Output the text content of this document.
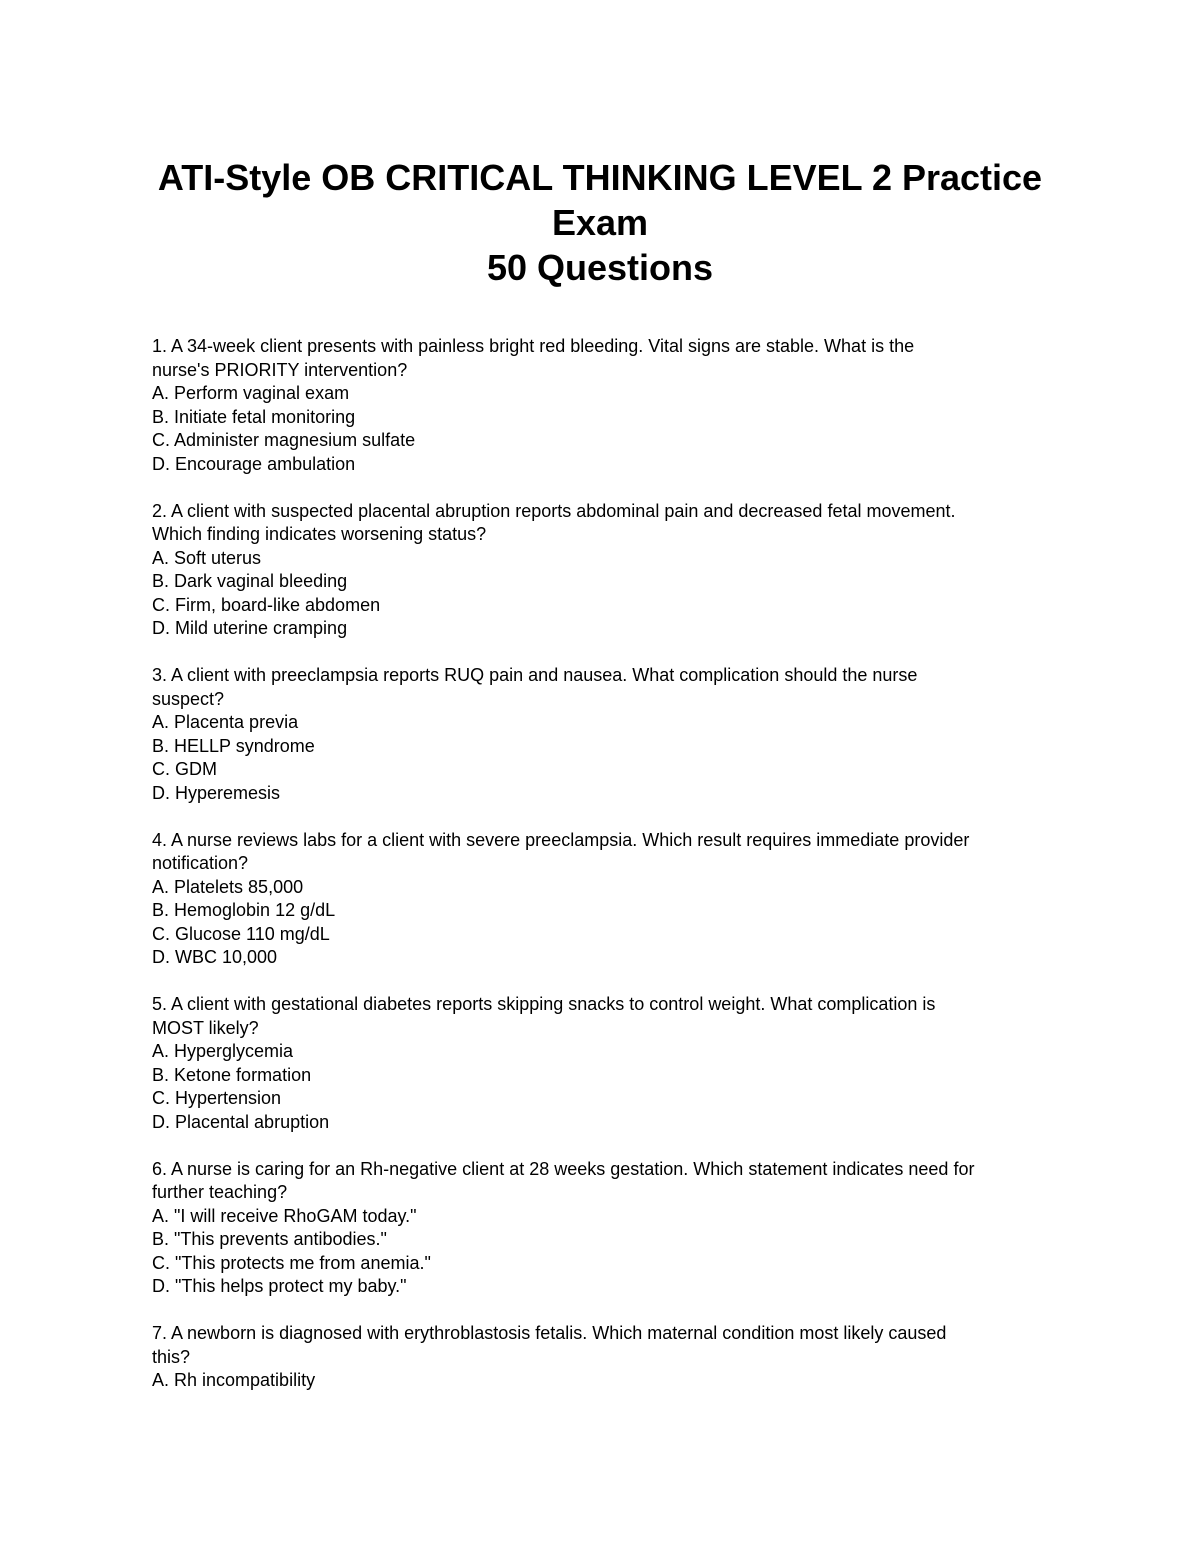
ATI-Style OB CRITICAL THINKING LEVEL 2 Practice

Exam

50 Questions

1. A 34-week client presents with painless bright red bleeding. Vital signs are stable. What is the

nurse's PRIORITY intervention?

A. Perform vaginal exam

B. Initiate fetal monitoring

C. Administer magnesium sulfate

D. Encourage ambulation

2. A client with suspected placental abruption reports abdominal pain and decreased fetal movement.

Which finding indicates worsening status?

A. Soft uterus

B. Dark vaginal bleeding

C. Firm, board-like abdomen

D. Mild uterine cramping

3. A client with preeclampsia reports RUQ pain and nausea. What complication should the nurse

suspect?

A. Placenta previa

B. HELLP syndrome

C. GDM

D. Hyperemesis

4. A nurse reviews labs for a client with severe preeclampsia. Which result requires immediate provider

notification?

A. Platelets 85,000

B. Hemoglobin 12 g/dL

C. Glucose 110 mg/dL

D. WBC 10,000

5. A client with gestational diabetes reports skipping snacks to control weight. What complication is

MOST likely?

A. Hyperglycemia

B. Ketone formation

C. Hypertension

D. Placental abruption

6. A nurse is caring for an Rh-negative client at 28 weeks gestation. Which statement indicates need for

further teaching?

A. "I will receive RhoGAM today."

B. "This prevents antibodies."

C. "This protects me from anemia."

D. "This helps protect my baby."

7. A newborn is diagnosed with erythroblastosis fetalis. Which maternal condition most likely caused

this?

A. Rh incompatibility
